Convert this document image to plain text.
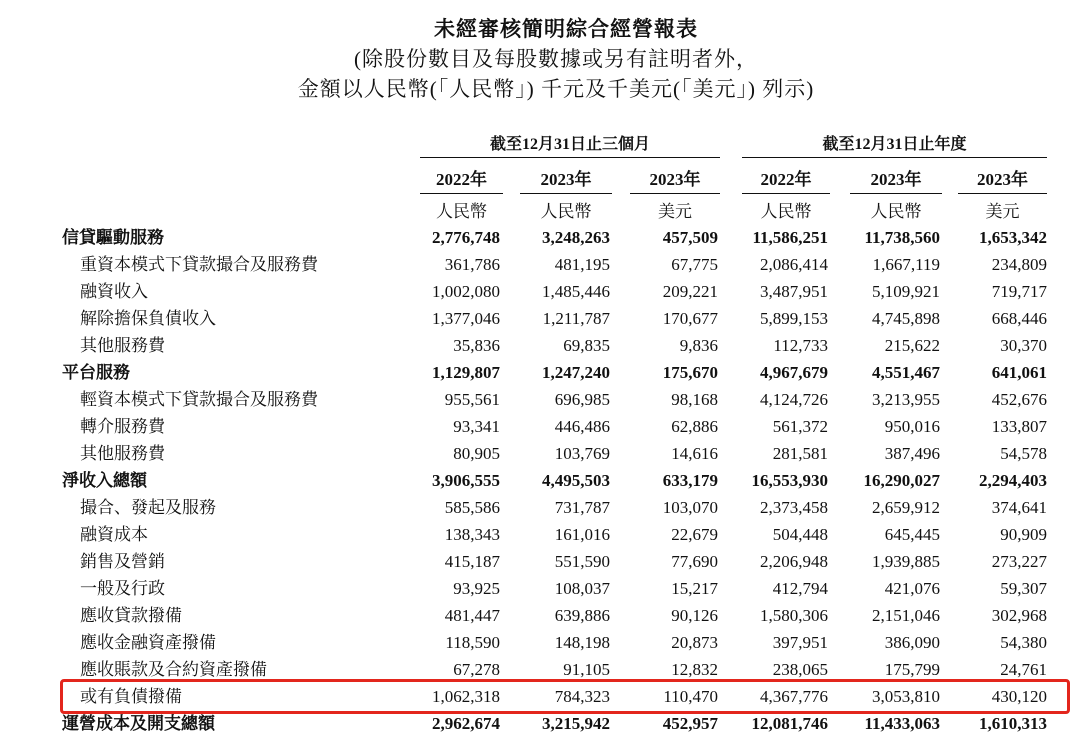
未經審核簡明綜合經營報表
(除股份數目及每股數據或另有註明者外，
金額以人民幣(「人民幣」) 千元及千美元(「美元」) 列示)
截至12月31日止三個月	截至12月31日止年度
2022年	2023年	2023年	2022年	2023年	2023年
人民幣	人民幣	美元	人民幣	人民幣	美元
信貸驅動服務	2,776,748	3,248,263	457,509	11,586,251	11,738,560	1,653,342
重資本模式下貸款撮合及服務費	361,786	481,195	67,775	2,086,414	1,667,119	234,809
融資收入	1,002,080	1,485,446	209,221	3,487,951	5,109,921	719,717
解除擔保負債收入	1,377,046	1,211,787	170,677	5,899,153	4,745,898	668,446
其他服務費	35,836	69,835	9,836	112,733	215,622	30,370
平台服務	1,129,807	1,247,240	175,670	4,967,679	4,551,467	641,061
輕資本模式下貸款撮合及服務費	955,561	696,985	98,168	4,124,726	3,213,955	452,676
轉介服務費	93,341	446,486	62,886	561,372	950,016	133,807
其他服務費	80,905	103,769	14,616	281,581	387,496	54,578
淨收入總額	3,906,555	4,495,503	633,179	16,553,930	16,290,027	2,294,403
撮合、發起及服務	585,586	731,787	103,070	2,373,458	2,659,912	374,641
融資成本	138,343	161,016	22,679	504,448	645,445	90,909
銷售及營銷	415,187	551,590	77,690	2,206,948	1,939,885	273,227
一般及行政	93,925	108,037	15,217	412,794	421,076	59,307
應收貸款撥備	481,447	639,886	90,126	1,580,306	2,151,046	302,968
應收金融資產撥備	118,590	148,198	20,873	397,951	386,090	54,380
應收賬款及合約資產撥備	67,278	91,105	12,832	238,065	175,799	24,761
或有負債撥備	1,062,318	784,323	110,470	4,367,776	3,053,810	430,120
運營成本及開支總額	2,962,674	3,215,942	452,957	12,081,746	11,433,063	1,610,313
